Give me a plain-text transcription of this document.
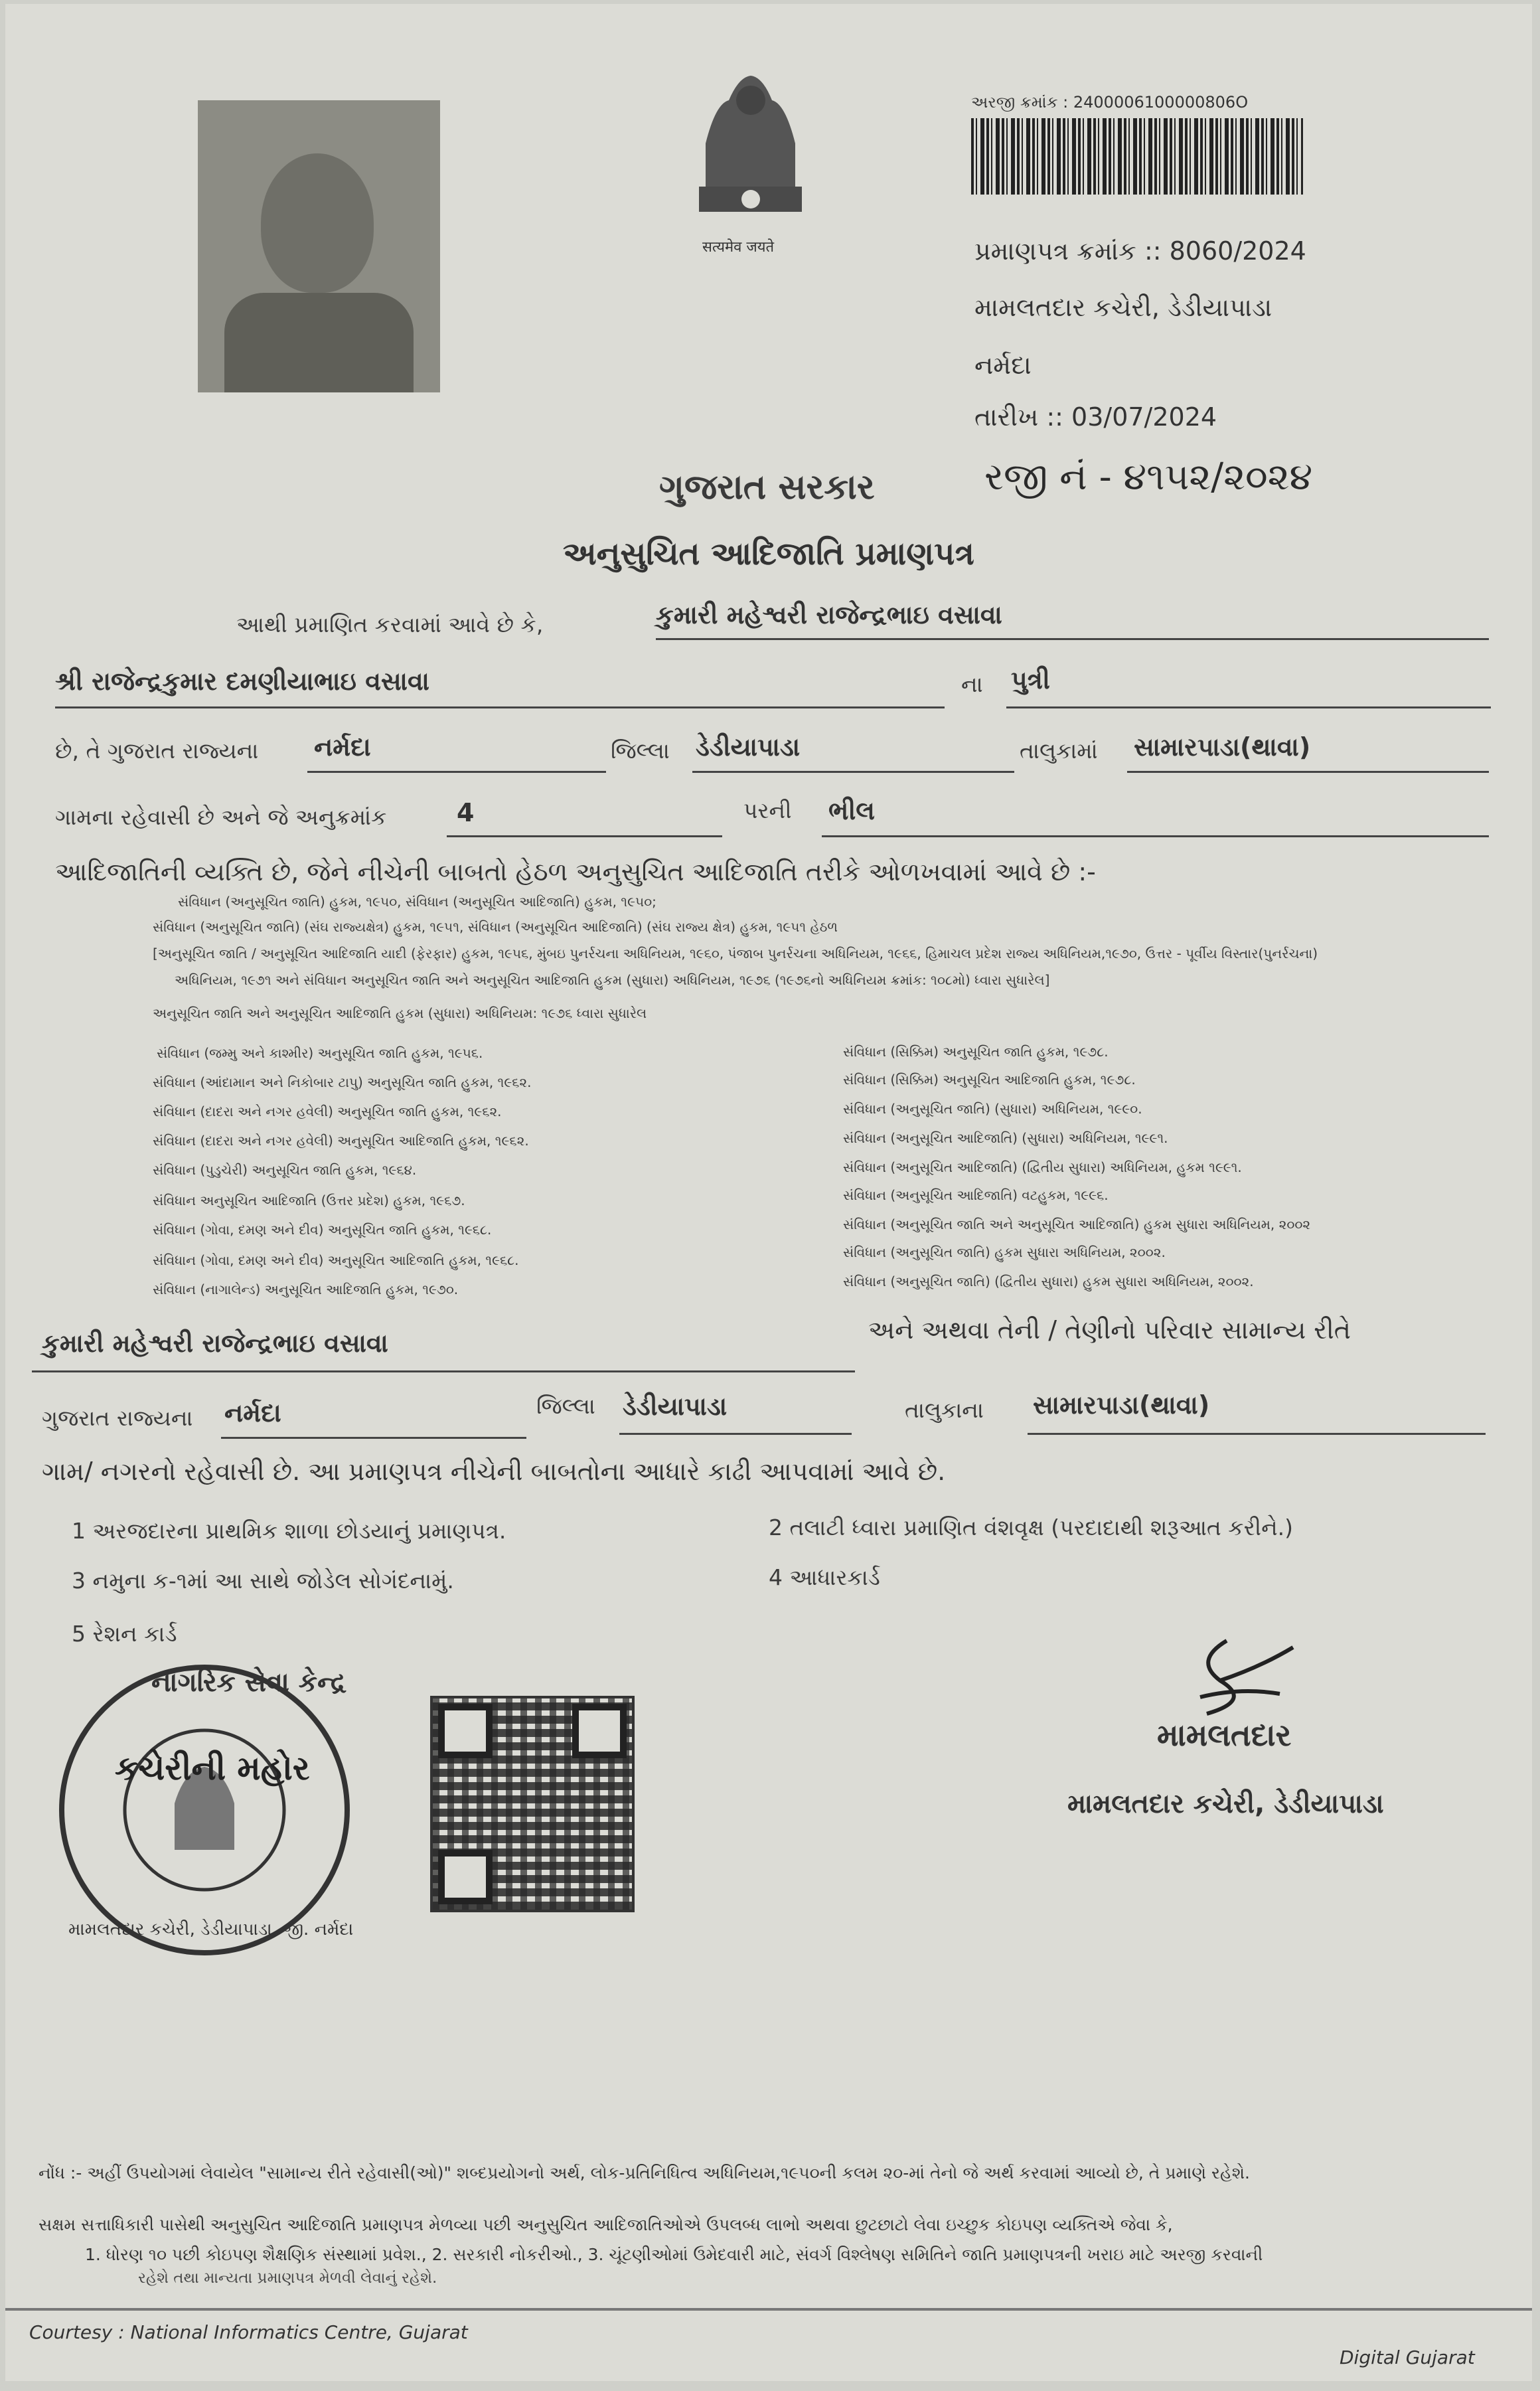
सत्यमेव जयते
અરજી ક્રમાંક : 2400006100000806O
પ્રમાણપત્ર ક્રમાંક :: 8060/2024
મામલતદાર કચેરી, ડેડીયાપાડા
નર્મદા
તારીખ :: 03/07/2024
ગુજરાત સરકાર	રજી નં - ૪૧૫૨/૨૦૨૪
અનુસુચિત આદિજાતિ પ્રમાણપત્ર
આથી પ્રમાણિત કરવામાં આવે છે કે,	કુમારી મહેશ્વરી રાજેન્દ્રભાઇ વસાવા
શ્રી રાજેન્દ્રકુમાર દમણીયાભાઇ વસાવા	ના પુત્રી
છે, તે ગુજરાત રાજ્યના નર્મદા	જિલ્લા ડેડીયાપાડા	તાલુકામાં સામારપાડા(થાવા)
ગામના રહેવાસી છે અને જે અનુક્રમાંક	4	પરની ભીલ
આદિજાતિની વ્યક્તિ છે, જેને નીચેની બાબતો હેઠળ અનુસુચિત આદિજાતિ તરીકે ઓળખવામાં આવે છે :-
સંવિધાન (અનુસૂચિત જાતિ) હુકમ, ૧૯૫૦, સંવિધાન (અનુસૂચિત આદિજાતિ) હુકમ, ૧૯૫૦;
સંવિધાન (અનુસૂચિત જાતિ) (સંઘ રાજ્યક્ષેત્ર) હુકમ, ૧૯૫૧, સંવિધાન (અનુસૂચિત આદિજાતિ) (સંઘ રાજ્ય ક્ષેત્ર) હુકમ, ૧૯૫૧ હેઠળ
[અનુસૂચિત જાતિ / અનુસૂચિત આદિજાતિ યાદી (ફેરફાર) હુકમ, ૧૯૫૬, મુંબઇ પુનર્રચના અધિનિયમ, ૧૯૬૦, પંજાબ પુનર્રચના અધિનિયમ, ૧૯૬૬, હિમાચલ પ્રદેશ રાજ્ય અધિનિયમ,૧૯૭૦, ઉત્તર - પૂર્વીય વિસ્તાર(પુનર્રચના)
અધિનિયમ, ૧૯૭૧ અને સંવિધાન અનુસૂચિત જાતિ અને અનુસૂચિત આદિજાતિ હુકમ (સુધારા) અધિનિયમ, ૧૯૭૬ (૧૯૭૬નો અધિનિયમ ક્રમાંક: ૧૦૮મો) ધ્વારા સુધારેલ]
અનુસૂચિત જાતિ અને અનુસૂચિત આદિજાતિ હુકમ (સુધારા) અધિનિયમ: ૧૯૭૬ ધ્વારા સુધારેલ
સંવિધાન (જમ્મુ અને કાશ્મીર) અનુસૂચિત જાતિ હુકમ, ૧૯૫૬.
સંવિધાન (આંદામાન અને નિકોબાર ટાપુ) અનુસૂચિત જાતિ હુકમ, ૧૯૬૨.
સંવિધાન (દાદરા અને નગર હવેલી) અનુસૂચિત જાતિ હુકમ, ૧૯૬૨.
સંવિધાન (દાદરા અને નગર હવેલી) અનુસૂચિત આદિજાતિ હુકમ, ૧૯૬૨.
સંવિધાન (પુડુચેરી) અનુસૂચિત જાતિ હુકમ, ૧૯૬૪.
સંવિધાન અનુસૂચિત આદિજાતિ (ઉત્તર પ્રદેશ) હુકમ, ૧૯૬૭.
સંવિધાન (ગોવા, દમણ અને દીવ) અનુસૂચિત જાતિ હુકમ, ૧૯૬૮.
સંવિધાન (ગોવા, દમણ અને દીવ) અનુસૂચિત આદિજાતિ હુકમ, ૧૯૬૮.
સંવિધાન (નાગાલેન્ડ) અનુસૂચિત આદિજાતિ હુકમ, ૧૯૭૦.
સંવિધાન (સિક્કિમ) અનુસૂચિત જાતિ હુકમ, ૧૯૭૮.
સંવિધાન (સિક્કિમ) અનુસૂચિત આદિજાતિ હુકમ, ૧૯૭૮.
સંવિધાન (અનુસૂચિત જાતિ) (સુધારા) અધિનિયમ, ૧૯૯૦.
સંવિધાન (અનુસૂચિત આદિજાતિ) (સુધારા) અધિનિયમ, ૧૯૯૧.
સંવિધાન (અનુસૂચિત આદિજાતિ) (દ્વિતીય સુધારા) અધિનિયમ, હુકમ ૧૯૯૧.
સંવિધાન (અનુસૂચિત આદિજાતિ) વટહુકમ, ૧૯૯૬.
સંવિધાન (અનુસૂચિત જાતિ અને અનુસૂચિત આદિજાતિ) હુકમ સુધારા અધિનિયમ, ૨૦૦૨
સંવિધાન (અનુસૂચિત જાતિ) હુકમ સુધારા અધિનિયમ, ૨૦૦૨.
સંવિધાન (અનુસૂચિત જાતિ) (દ્વિતીય સુધારા) હુકમ સુધારા અધિનિયમ, ૨૦૦૨.
કુમારી મહેશ્વરી રાજેન્દ્રભાઇ વસાવા	અને અથવા તેની / તેણીનો પરિવાર સામાન્ય રીતે
ગુજરાત રાજ્યના નર્મદા	જિલ્લા ડેડીયાપાડા	તાલુકાના સામારપાડા(થાવા)
ગામ/ નગરનો રહેવાસી છે. આ પ્રમાણપત્ર નીચેની બાબતોના આધારે કાઢી આપવામાં આવે છે.
1 અરજદારના પ્રાથમિક શાળા છોડયાનું પ્રમાણપત્ર.	2 તલાટી ધ્વારા પ્રમાણિત વંશવૃક્ષ (પરદાદાથી શરૂઆત કરીને.)
3 નમુના ક-૧માં આ સાથે જોડેલ સોગંદનામું.	4 આધારકાર્ડ
5 રેશન કાર્ડ
નાગરિક સેવા કેન્દ્ર
કચેરીની મહોર
મામલતદાર કચેરી, ડેડીયાપાડા, જી. નર્મદા
મામલતદાર
મામલતદાર કચેરી, ડેડીયાપાડા
નોંધ :- અહીં ઉપયોગમાં લેવાયેલ "સામાન્ય રીતે રહેવાસી(ઓ)" શબ્દપ્રયોગનો અર્થ, લોક-પ્રતિનિધિત્વ અધિનિયમ,૧૯૫૦ની કલમ ૨૦-માં તેનો જે અર્થ કરવામાં આવ્યો છે, તે પ્રમાણે રહેશે.
સક્ષમ સત્તાધિકારી પાસેથી અનુસુચિત આદિજાતિ પ્રમાણપત્ર મેળવ્યા પછી અનુસુચિત આદિજાતિઓએ ઉપલબ્ધ લાભો અથવા છુટછાટો લેવા ઇચ્છુક કોઇપણ વ્યક્તિએ જેવા કે,
1. ધોરણ ૧૦ પછી કોઇપણ શૈક્ષણિક સંસ્થામાં પ્રવેશ., 2. સરકારી નોકરીઓ., 3. ચૂંટણીઓમાં ઉમેદવારી માટે, સંવર્ગ વિશ્લેષણ સમિતિને જાતિ પ્રમાણપત્રની ખરાઇ માટે અરજી કરવાની
રહેશે તથા માન્યતા પ્રમાણપત્ર મેળવી લેવાનું રહેશે.
Courtesy : National Informatics Centre, Gujarat
Digital Gujarat
